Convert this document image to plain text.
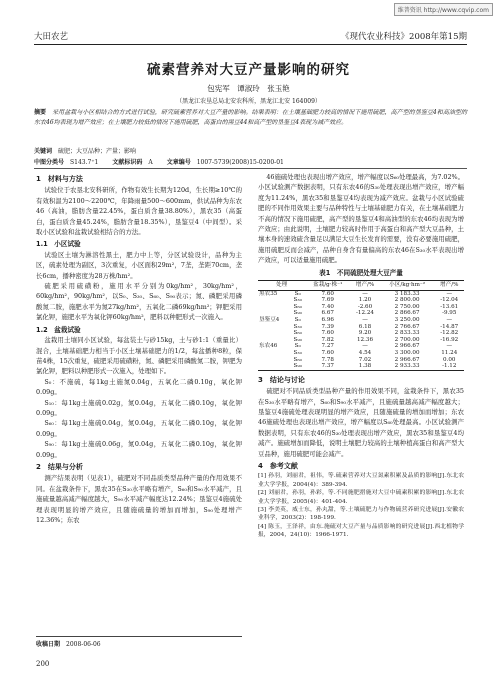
维普资讯 http://www.cqvip.com
大田农艺	《现代农业科技》2008年第15期
硫素营养对大豆产量影响的研究
包宪军　谭淑玲　张玉艳
（黑龙江农垦总局北安农科所，黑龙江北安 164009）
摘要　 采用盆栽与小区相结合的方式进行试验，研究硫素营养对大豆产量的影响。结果表明：在土壤基础肥力较高的情况下施用硫肥，高产型的垦鉴豆4和高油型的东农46均表现为增产效应；在土壤肥力较低的情况下施用硫肥，高蛋白的黑豆44和高产型的垦鉴豆4表现为减产效应。
关键词　 硫肥；大豆品种；产量；影响
中图分类号　 S143.7⁺1 文献标识码　 A 文章编号　 1007-5739(2008)15-0200-01
1　材料与方法

试验位于农垦北安科研所，作物有效生长期为120d，生长期≥10℃的有效积温为2100～2200℃，年降雨量500～600mm，供试品种为东农46（高油，脂肪含量22.45%，蛋白质含量38.80%），黑农35（高蛋白，蛋白质含量45.24%，脂肪含量18.35%），垦鉴豆4（中间型）。采取小区试验和盆栽试验相结合的方法。

1.1　小区试验

试验区土壤为淋溶性黑土，肥力中上等，分区试验设计，品种为主区，硫素处理为副区，3次重复，小区面积29m²，7垄，垄距70cm，垄长6cm，播种密度为28万株/hm²。

硫肥采用硫磺粉，施用水平分别为0kg/hm²，30kg/hm²，60kg/hm²，90kg/hm²，以S₀、S₃₀、S₆₀、S₉₀表示；氮、磷肥采用磷酸氮二胺，施肥水平为氮27kg/hm²，五氧化二磷69kg/hm²；钾肥采用氯化钾，施肥水平为氧化钾60kg/hm²，肥料以种肥形式一次施入。

1.2　盆栽试验

盆栽用土壤同小区试验，每盆装土与砂15kg，土与砂1:1（重量比）混合，土壤基础肥力相当于小区土壤基础肥力的1/2，每盆播种8粒，保苗4株，15次重复，硫肥采用硫磺粉，氮、磷肥采用磷酸氮二胺，钾肥为氯化钾，肥料以种肥形式一次施入，处理如下。

S₀：不施硫，每1kg土施氮0.04g，五氧化二磷0.10g，氧化钾0.09g。

S₁₀：每1kg土施硫0.02g，氮0.04g，五氧化二磷0.10g，氧化钾0.09g。

S₆₀：每1kg土施硫0.04g，氮0.04g，五氧化二磷0.10g，氧化钾0.09g。

S₉₀：每1kg土施硫0.06g，氮0.04g，五氧化二磷0.10g，氧化钾0.09g。

2　结果与分析

测产结果表明（见表1），硫肥对不同品质类型品种产量的作用效果不同。在盆栽条件下，黑农35在S₃₀水平略有增产，S₆₀和S₉₀水平减产，且施硫量越高减产幅度越大，S₉₀水平减产幅度达12.24%；垦鉴豆4施硫处理表现明显的增产效应，且随施硫量的增加而增加，S₉₀处理增产12.36%；东农

收稿日期　 2008-06-06
200

46施硫处理也表现出增产效应，增产幅度以S₆₀处理最高，为7.02%。小区试验测产数据表明，只有东农46的S₃₀处理表现出增产效应，增产幅度为11.24%，黑农35和垦鉴豆4均表现为减产效应。盆栽与小区试验硫肥的不同作用效果主要与品种特性与土壤基础肥力有关，在土壤基础肥力不高的情况下施用硫肥，高产型的垦鉴豆4和高油型的东农46均表现为增产效应；由此说明，土壤肥力较高时作用于高蛋白和高产型大豆品种，土壤本身的速效硫含量足以满足大豆生长发育的需要，没有必要施用硫肥，施用硫肥反而会减产，品种自身含有量偏高的东农46在S₃₀水平表现出增产效应，可以适量施用硫肥。

表1　不同硫肥处理大豆产量
处理		盆栽/g·株⁻¹	增产/%	小区/kg·hm⁻²	增产/%
黑农35	S₀	7.60	—	3 183.33	—
	S₃₀	7.69	1.20	2 800.00	-12.04
	S₆₀	7.40	-2.60	2 750.00	-13.61
	S₉₀	6.67	-12.24	2 866.67	-9.95
垦鉴豆4	S₀	6.96	—	3 250.00	—
	S₃₀	7.39	6.18	2 766.67	-14.87
	S₆₀	7.60	9.20	2 833.33	-12.82
	S₉₀	7.82	12.36	2 700.00	-16.92
东农46	S₀	7.27	—	2 966.67	—
	S₃₀	7.60	4.54	3 300.00	11.24
	S₆₀	7.78	7.02	2 966.67	0.00
	S₉₀	7.37	1.38	2 933.33	-1.12
3　结论与讨论

硫肥对不同品质类型品种产量的作用效果不同，盆栽条件下，黑农35在S₃₀水平略有增产，S₆₀和S₉₀水平减产，且施硫量越高减产幅度越大；垦鉴豆4施硫处理表现明显的增产效应，且随施硫量的增加而增加；东农46施硫处理也表现出增产效应，增产幅度以S₆₀处理最高。小区试验测产数据表明，只有东农46的S₃₀处理表现出增产效应，黑农35和垦鉴豆4均减产。施硫增加而降低，说明土壤肥力较高的土壤种植高蛋白和高产型大豆品种，施用硫肥可能会减产。

4　参考文献

[1] 孙羽，刘丽君，祖伟，等.硫素营养对大豆氮素积累及品质的影响[J].东北农业大学学报，2004(4)：389-394.

[2] 刘丽君，孙羽，孙彩，等.不同施肥措施对大豆中硫素积累的影响[J].东北农业大学学报，2005(4)：401-404.

[3] 李美英，威士东，孙丸甜，等.土壤硫肥力与作物硫营养研究进展[J].安徽农业科学，2003(2)：198-199.

[4] 陈玉，王泽祥，由东.施硫对大豆产量与品质影响的研究进展[J].西北植物学报，2004，24(10)：1966-1971.
